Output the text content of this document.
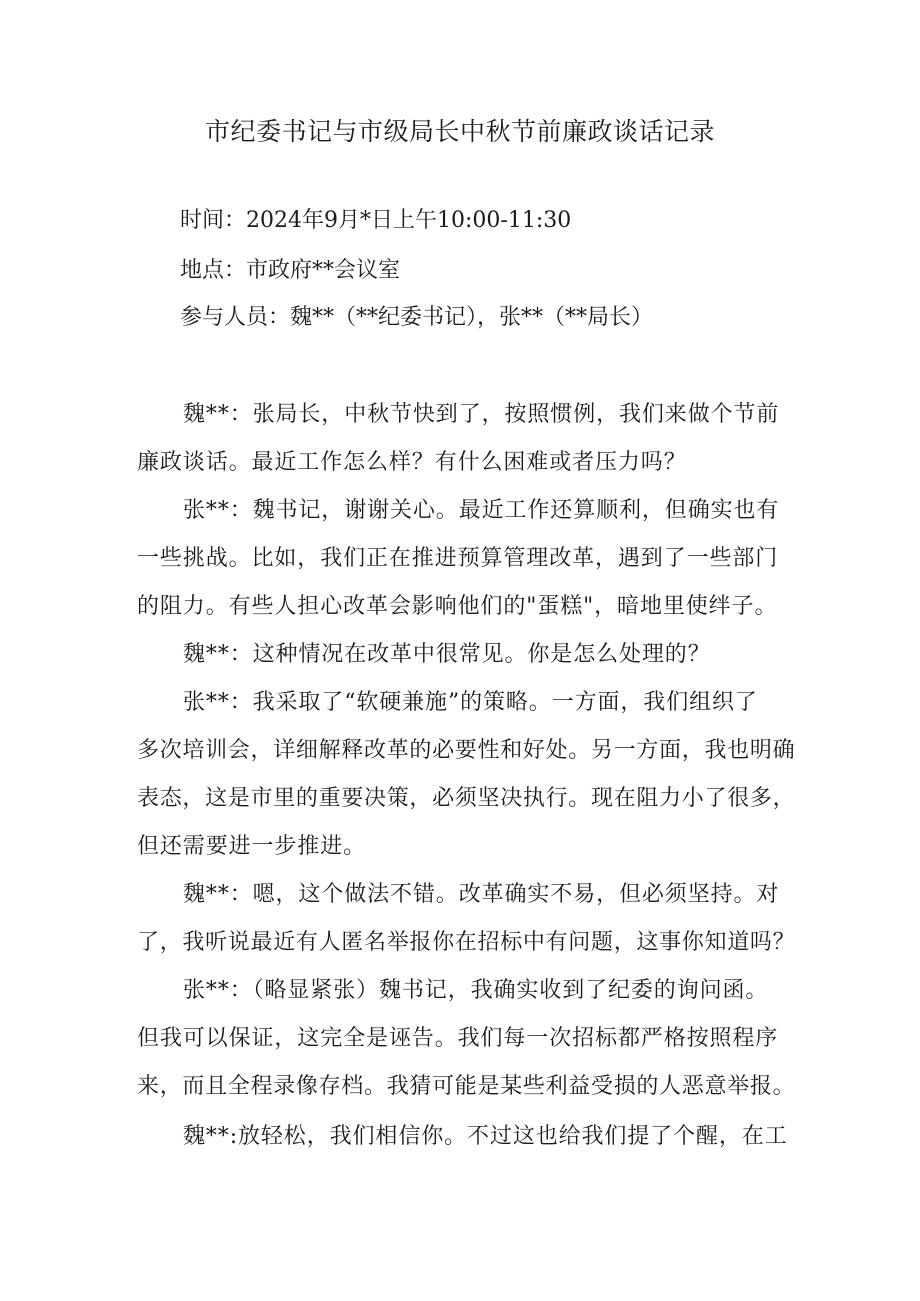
市纪委书记与市级局长中秋节前廉政谈话记录
时间：2024年9月*日上午10:00-11:30
地点：市政府**会议室
参与人员：魏**（**纪委书记），张**（**局长）
魏**：张局长，中秋节快到了，按照惯例，我们来做个节前
廉政谈话。最近工作怎么样？有什么困难或者压力吗？
张**：魏书记，谢谢关心。最近工作还算顺利，但确实也有
一些挑战。比如，我们正在推进预算管理改革，遇到了一些部门
的阻力。有些人担心改革会影响他们的"蛋糕"，暗地里使绊子。
魏**：这种情况在改革中很常见。你是怎么处理的？
张**：我采取了“软硬兼施”的策略。一方面，我们组织了
多次培训会，详细解释改革的必要性和好处。另一方面，我也明确
表态，这是市里的重要决策，必须坚决执行。现在阻力小了很多，
但还需要进一步推进。
魏**：嗯，这个做法不错。改革确实不易，但必须坚持。对
了，我听说最近有人匿名举报你在招标中有问题，这事你知道吗？
张**：（略显紧张）魏书记，我确实收到了纪委的询问函。
但我可以保证，这完全是诬告。我们每一次招标都严格按照程序
来，而且全程录像存档。我猜可能是某些利益受损的人恶意举报。
魏**:放轻松，我们相信你。不过这也给我们提了个醒，在工
